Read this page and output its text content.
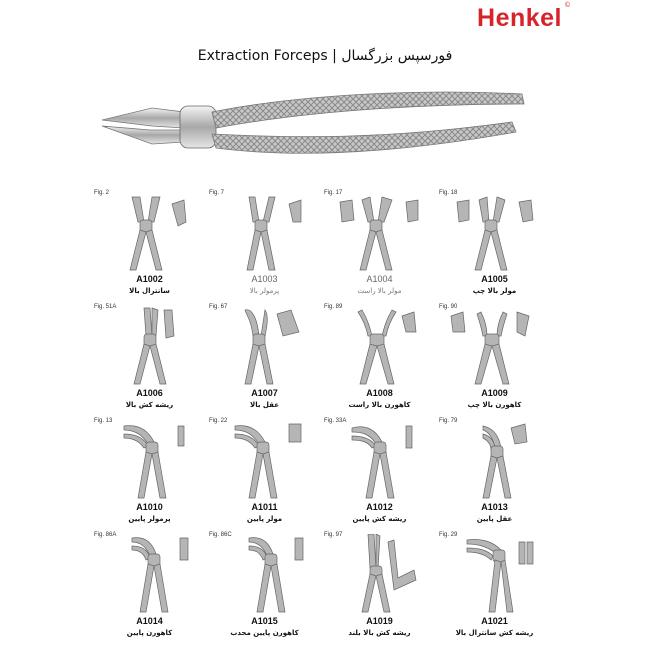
Henkel ©
Extraction Forceps | فورسپس بزرگسال
Fig. 2
A1002
سانترال بالا
Fig. 7
A1003
پرمولر بالا
Fig. 17
A1004
مولر بالا راست
Fig. 18
A1005
مولر بالا چپ
Fig. 51A
A1006
ریشه کش بالا
Fig. 67
A1007
عقل بالا
Fig. 89
A1008
کاهورن بالا راست
Fig. 90
A1009
کاهورن بالا چپ
Fig. 13
A1010
پرمولر پایین
Fig. 22
A1011
مولر پایین
Fig. 33A
A1012
ریشه کش پایین
Fig. 79
A1013
عقل پایین
Fig. 86A
A1014
کاهورن پایین
Fig. 86C
A1015
کاهورن پایین محدب
Fig. 97
A1019
ریشه کش بالا بلند
Fig. 29
A1021
ریشه کش سانترال بالا
